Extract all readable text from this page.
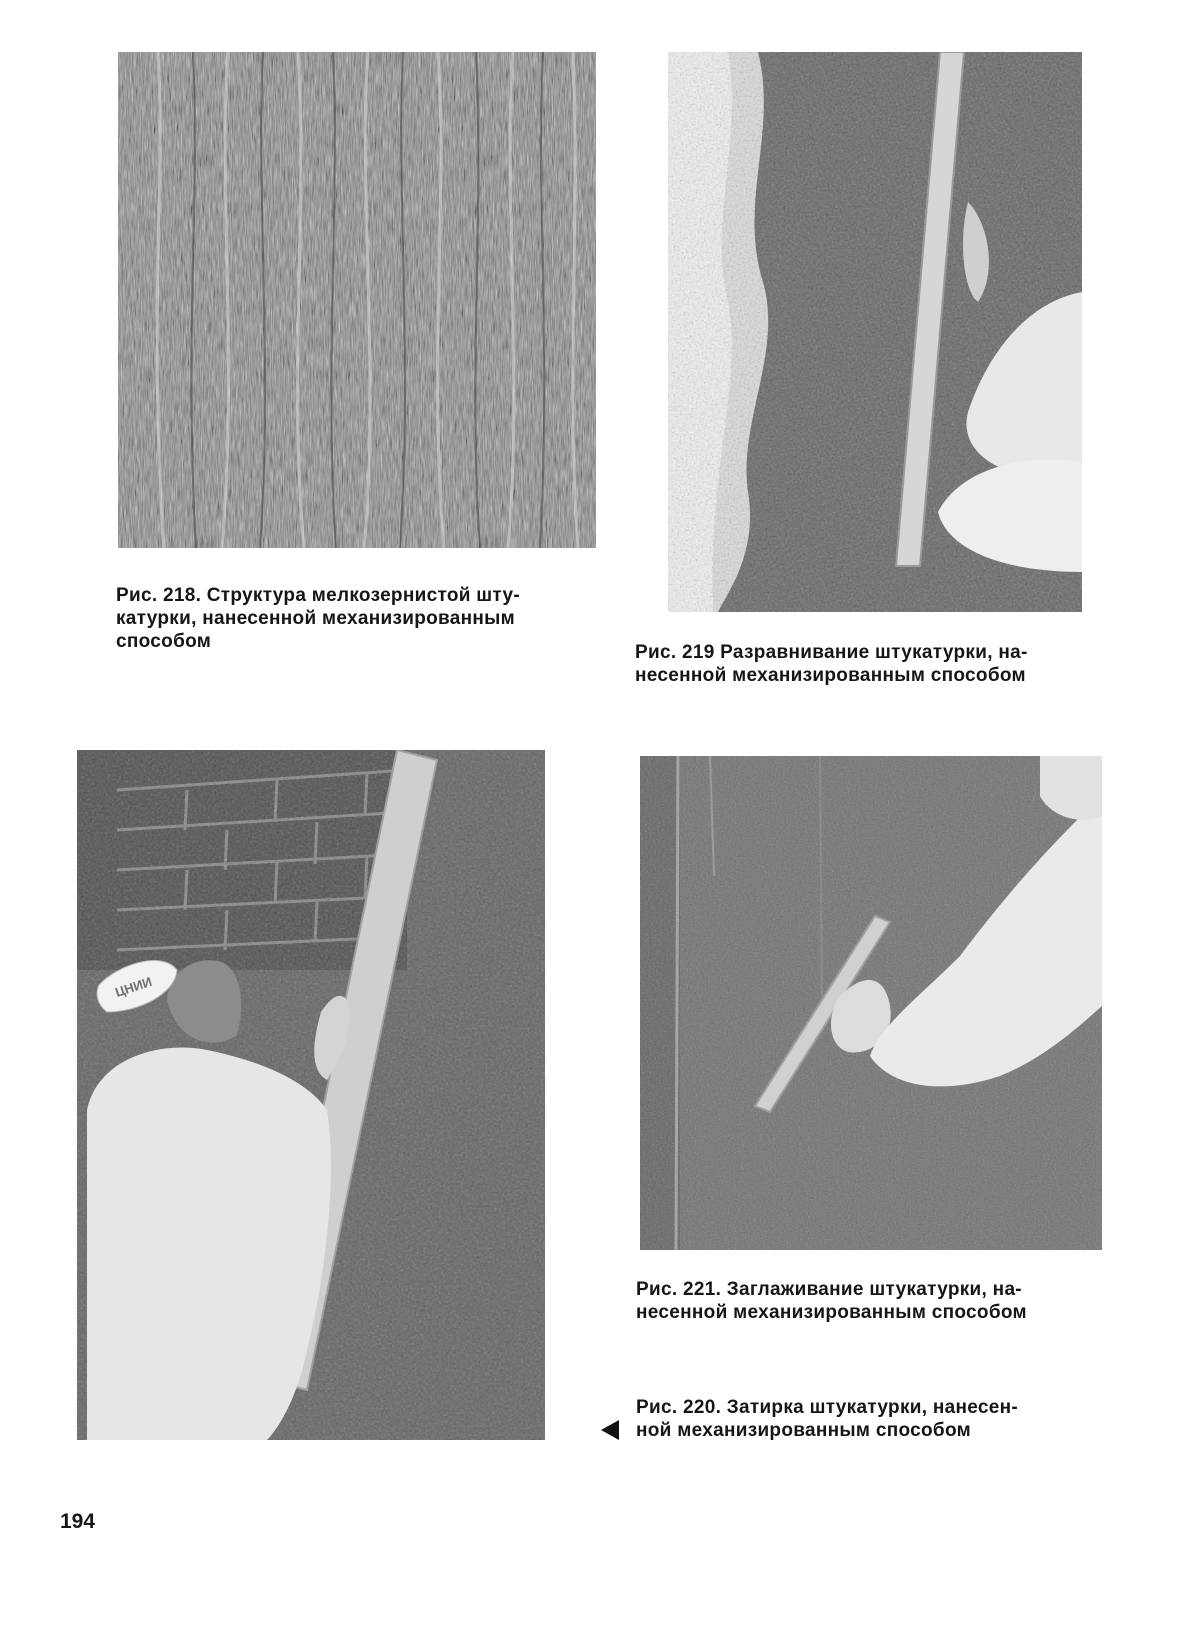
Рис. 218. Структура мелкозернистой шту-
катурки, нанесенной механизированным
способом

Рис. 219 Разравнивание штукатурки, на-
несенной механизированным способом

ЦНИИ

Рис. 221. Заглаживание штукатурки, на-
несенной механизированным способом

Рис. 220. Затирка штукатурки, нанесен-
ной механизированным способом

194
